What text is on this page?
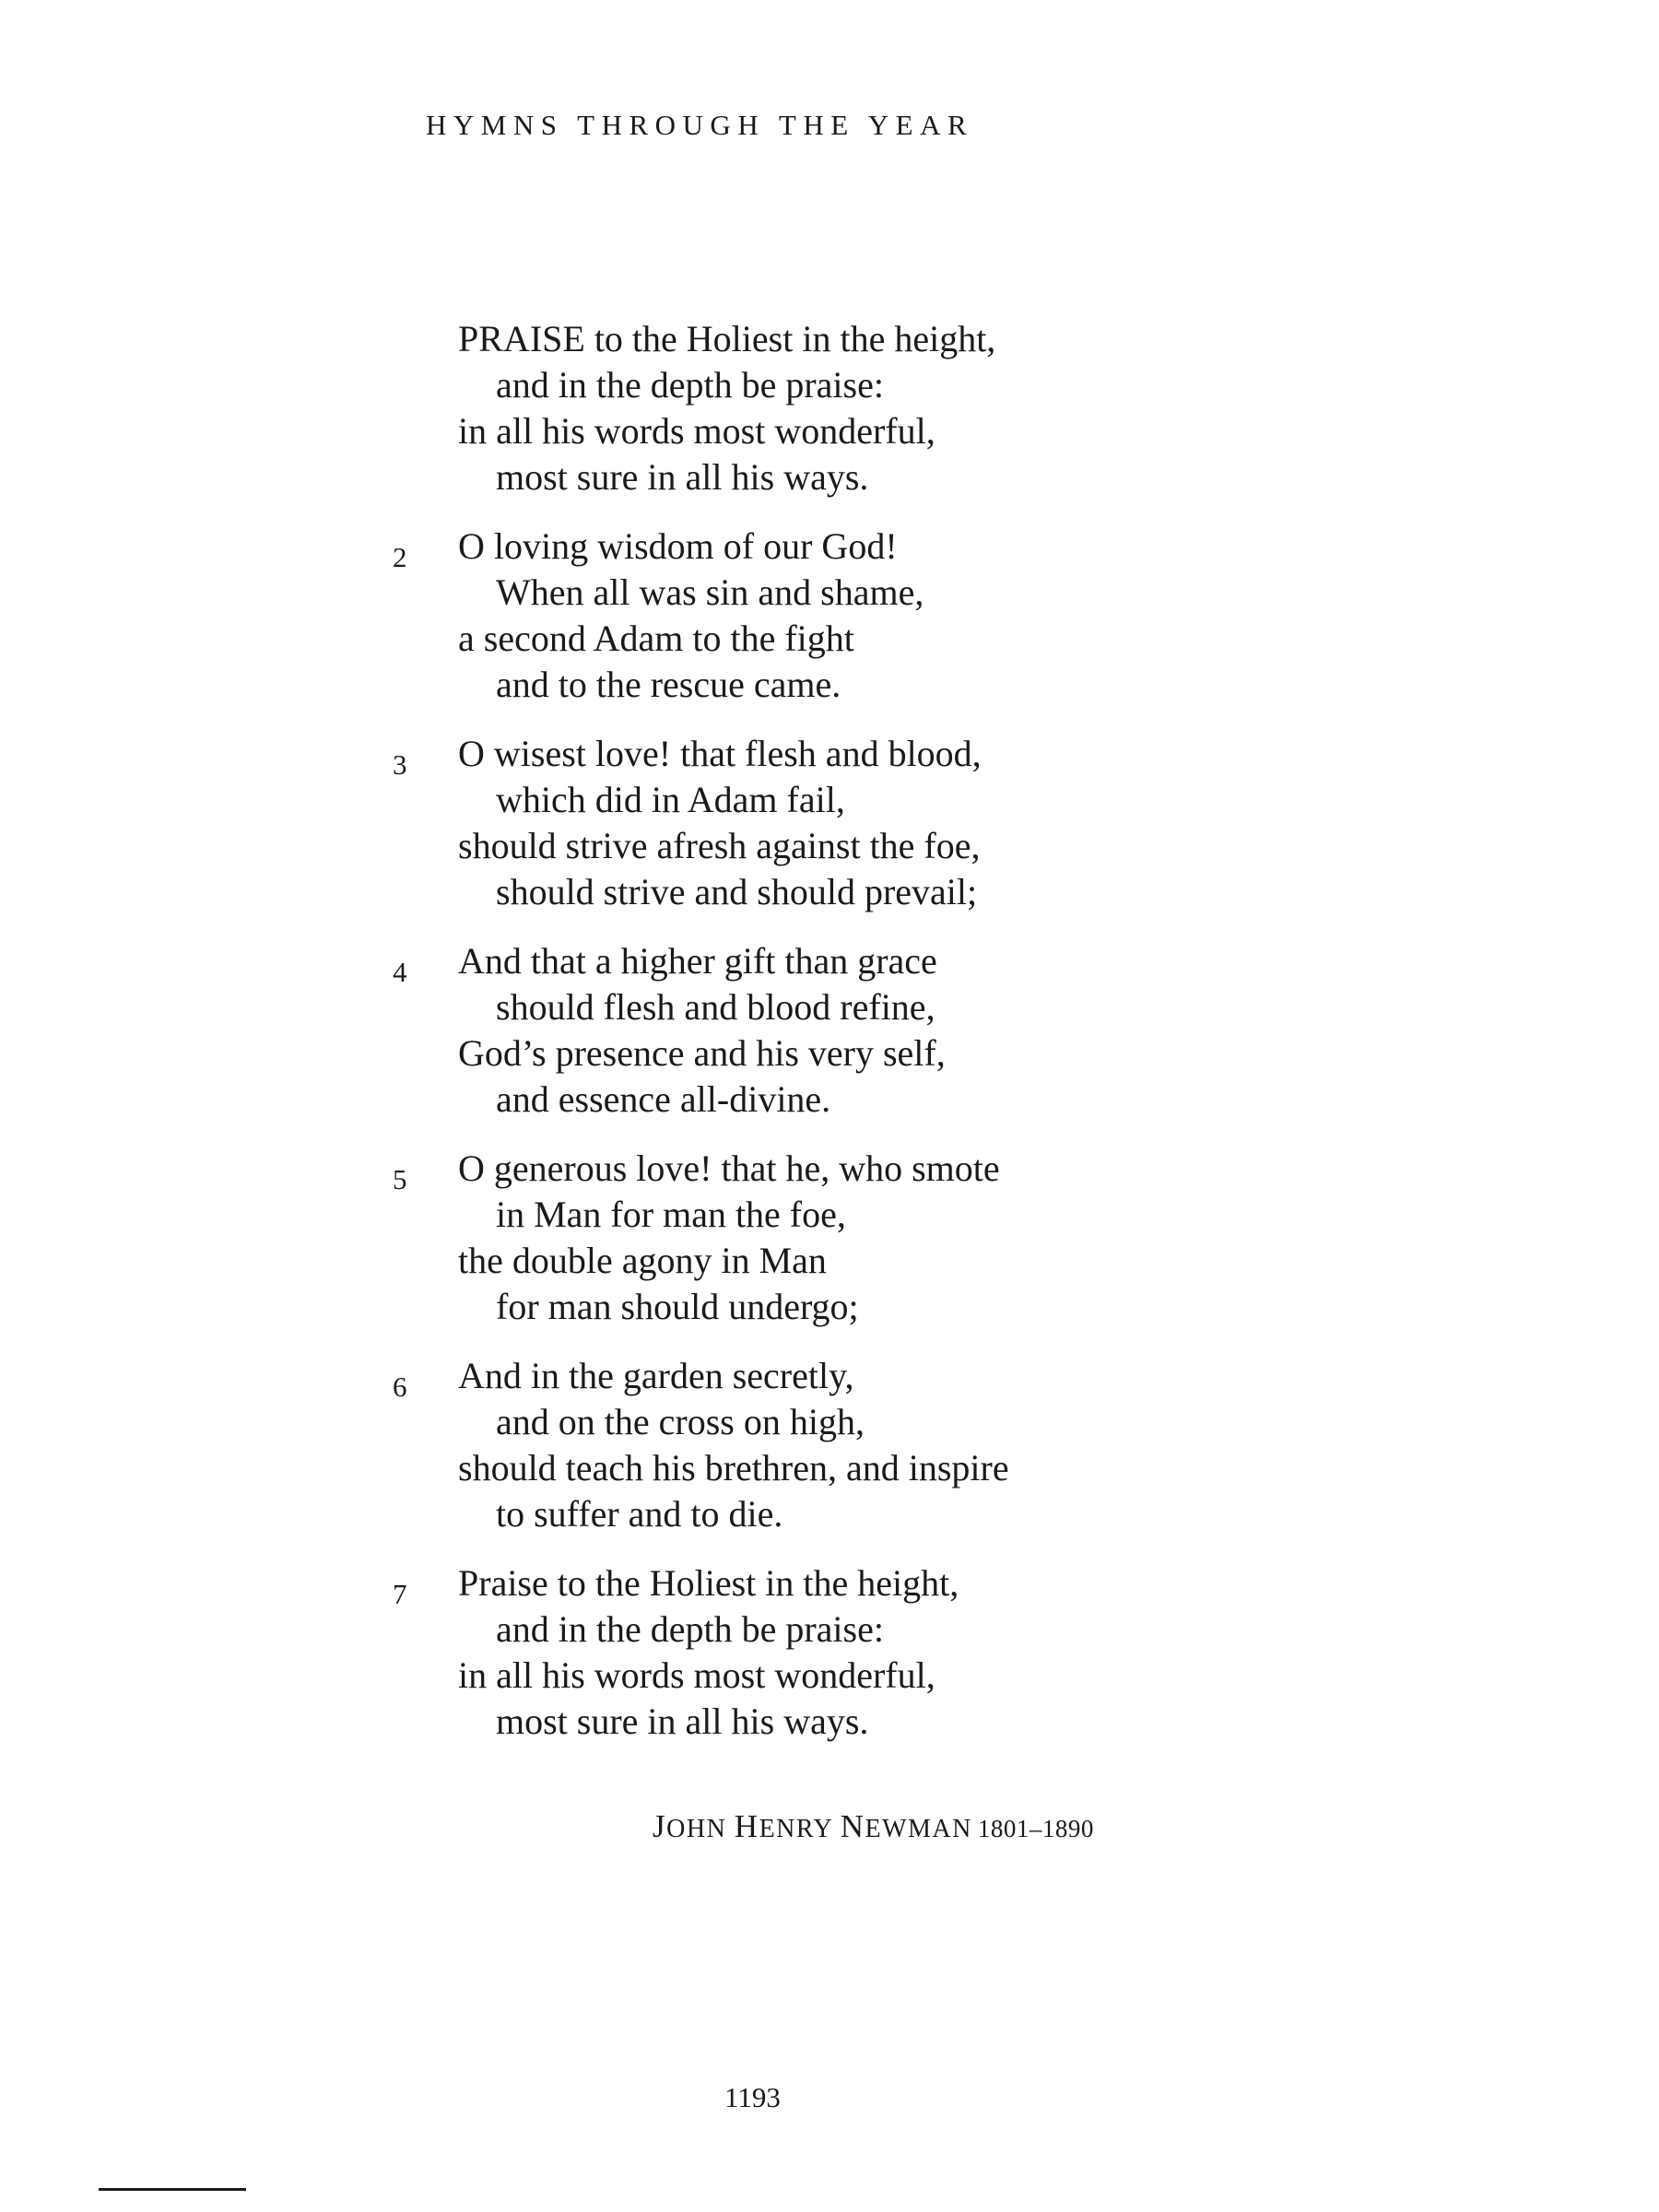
HYMNS THROUGH THE YEAR
PRAISE to the Holiest in the height,
and in the depth be praise:
in all his words most wonderful,
most sure in all his ways.
2 O loving wisdom of our God!
When all was sin and shame,
a second Adam to the fight
and to the rescue came.
3 O wisest love! that flesh and blood,
which did in Adam fail,
should strive afresh against the foe,
should strive and should prevail;
4 And that a higher gift than grace
should flesh and blood refine,
God’s presence and his very self,
and essence all-divine.
5 O generous love! that he, who smote
in Man for man the foe,
the double agony in Man
for man should undergo;
6 And in the garden secretly,
and on the cross on high,
should teach his brethren, and inspire
to suffer and to die.
7 Praise to the Holiest in the height,
and in the depth be praise:
in all his words most wonderful,
most sure in all his ways.
JOHN HENRY NEWMAN 1801–1890
1193
